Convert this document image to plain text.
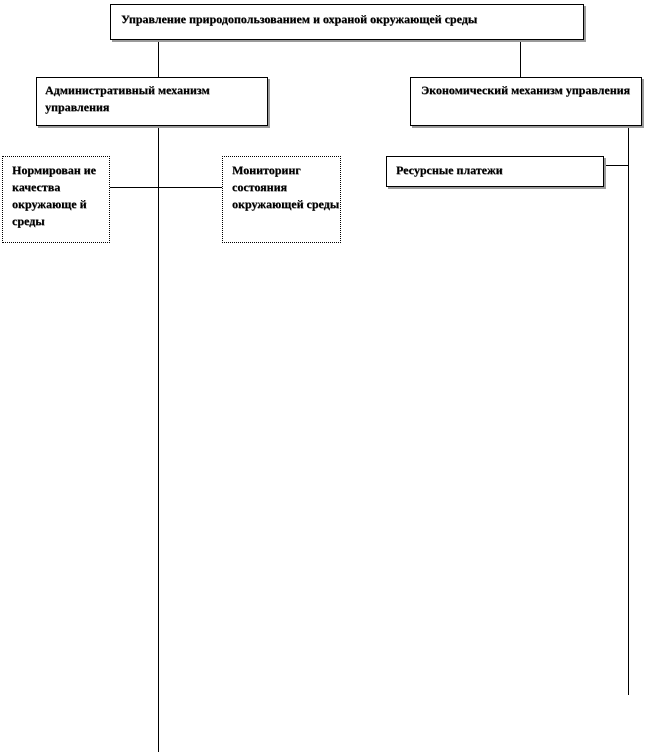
Управление природопользованием и охраной окружающей среды
Административный механизм управления
Экономический механизм управления
Нормирован ие качества окружающе й среды
Мониторинг состояния окружающей среды
Ресурсные платежи
